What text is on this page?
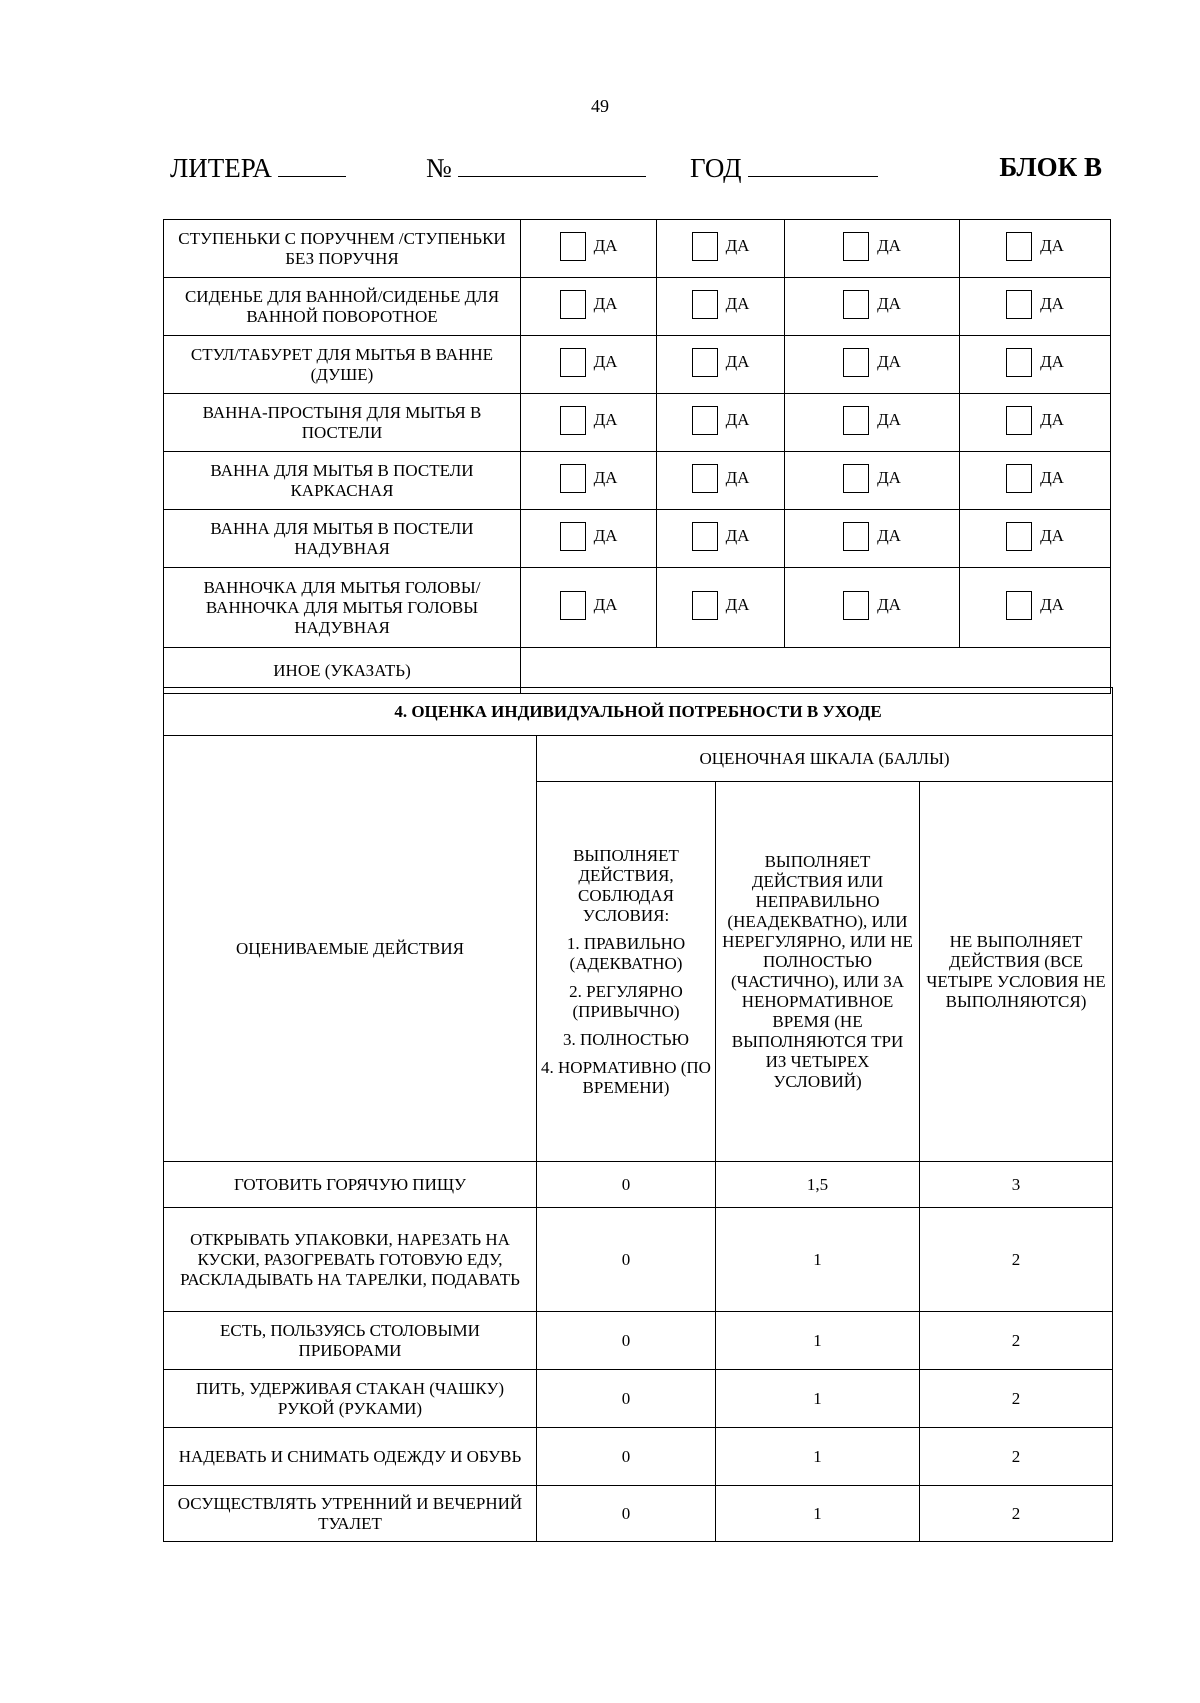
49
ЛИТЕРА	№	ГОД	БЛОК В
СТУПЕНЬКИ С ПОРУЧНЕМ /СТУПЕНЬКИ БЕЗ ПОРУЧНЯ	ДА	ДА	ДА	ДА

СИДЕНЬЕ ДЛЯ ВАННОЙ/СИДЕНЬЕ ДЛЯ ВАННОЙ ПОВОРОТНОЕ	ДА	ДА	ДА	ДА

СТУЛ/ТАБУРЕТ ДЛЯ МЫТЬЯ В ВАННЕ (ДУШЕ)	ДА	ДА	ДА	ДА

ВАННА-ПРОСТЫНЯ ДЛЯ МЫТЬЯ В ПОСТЕЛИ	ДА	ДА	ДА	ДА

ВАННА ДЛЯ МЫТЬЯ В ПОСТЕЛИ КАРКАСНАЯ	ДА	ДА	ДА	ДА

ВАННА ДЛЯ МЫТЬЯ В ПОСТЕЛИ НАДУВНАЯ	ДА	ДА	ДА	ДА

ВАННОЧКА ДЛЯ МЫТЬЯ ГОЛОВЫ/ ВАННОЧКА ДЛЯ МЫТЬЯ ГОЛОВЫ НАДУВНАЯ	ДА	ДА	ДА	ДА

ИНОЕ (УКАЗАТЬ)				
4. ОЦЕНКА ИНДИВИДУАЛЬНОЙ ПОТРЕБНОСТИ В УХОДЕ			
ОЦЕНИВАЕМЫЕ ДЕЙСТВИЯ	ОЦЕНОЧНАЯ ШКАЛА (БАЛЛЫ)		

	ВЫПОЛНЯЕТ ДЕЙСТВИЯ, СОБЛЮДАЯ УСЛОВИЯ:
1. ПРАВИЛЬНО (АДЕКВАТНО)
2. РЕГУЛЯРНО (ПРИВЫЧНО)
3. ПОЛНОСТЬЮ
4. НОРМАТИВНО (ПО ВРЕМЕНИ)	ВЫПОЛНЯЕТ ДЕЙСТВИЯ ИЛИ НЕПРАВИЛЬНО (НЕАДЕКВАТНО), ИЛИ НЕРЕГУЛЯРНО, ИЛИ НЕ ПОЛНОСТЬЮ (ЧАСТИЧНО), ИЛИ ЗА НЕНОРМАТИВНОЕ ВРЕМЯ (НЕ ВЫПОЛНЯЮТСЯ ТРИ ИЗ ЧЕТЫРЕХ УСЛОВИЙ)	НЕ ВЫПОЛНЯЕТ ДЕЙСТВИЯ (ВСЕ ЧЕТЫРЕ УСЛОВИЯ НЕ ВЫПОЛНЯЮТСЯ)
ГОТОВИТЬ ГОРЯЧУЮ ПИЩУ	0	1,5	3
ОТКРЫВАТЬ УПАКОВКИ, НАРЕЗАТЬ НА КУСКИ, РАЗОГРЕВАТЬ ГОТОВУЮ ЕДУ, РАСКЛАДЫВАТЬ НА ТАРЕЛКИ, ПОДАВАТЬ	0	1	2
ЕСТЬ, ПОЛЬЗУЯСЬ СТОЛОВЫМИ ПРИБОРАМИ	0	1	2
ПИТЬ, УДЕРЖИВАЯ СТАКАН (ЧАШКУ) РУКОЙ (РУКАМИ)	0	1	2
НАДЕВАТЬ И СНИМАТЬ ОДЕЖДУ И ОБУВЬ	0	1	2
ОСУЩЕСТВЛЯТЬ УТРЕННИЙ И ВЕЧЕРНИЙ ТУАЛЕТ	0	1	2
